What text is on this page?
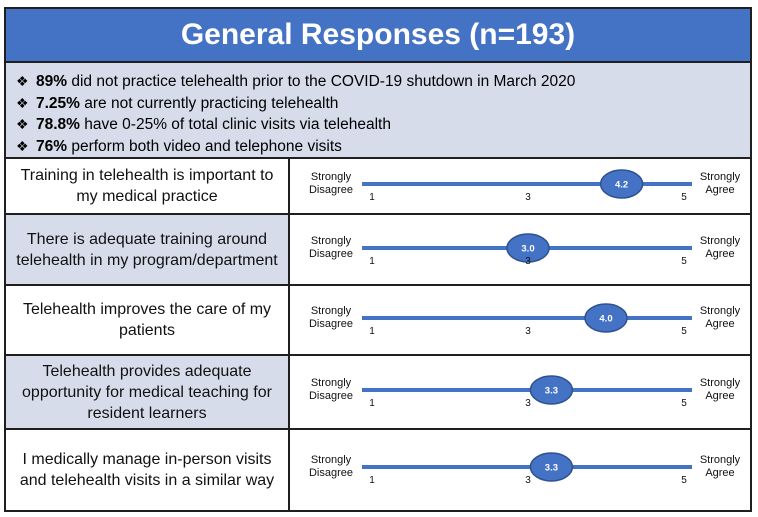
General Responses (n=193)
❖ 89% did not practice telehealth prior to the COVID-19 shutdown in March 2020
❖ 7.25% are not currently practicing telehealth
❖ 78.8% have 0-25% of total clinic visits via telehealth
❖ 76% perform both video and telephone visits
Training in telehealth is important to my medical practice
Strongly Disagree
Strongly Agree
4.2
1	3	5
There is adequate training around telehealth in my program/department
Strongly Disagree
Strongly Agree
3.0
1	3	5
Telehealth improves the care of my patients
Strongly Disagree
Strongly Agree
4.0
1	3	5
Telehealth provides adequate opportunity for medical teaching for resident learners
Strongly Disagree
Strongly Agree
3.3
1	3	5
I medically manage in-person visits and telehealth visits in a similar way
Strongly Disagree
Strongly Agree
3.3
1	3	5
